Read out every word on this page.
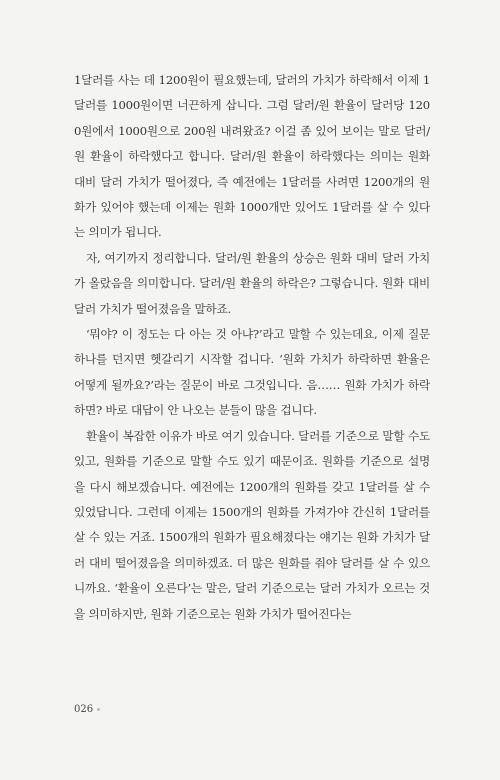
1달러를 사는 데 1200원이 필요했는데, 달러의 가치가 하락해서 이제 1달러를 1000원이면 너끈하게 삽니다. 그럼 달러/원 환율이 달러당 1200원에서 1000원으로 200원 내려왔죠? 이걸 좀 있어 보이는 말로 달러/원 환율이 하락했다고 합니다. 달러/원 환율이 하락했다는 의미는 원화 대비 달러 가치가 떨어졌다, 즉 예전에는 1달러를 사려면 1200개의 원화가 있어야 했는데 이제는 원화 1000개만 있어도 1달러를 살 수 있다는 의미가 됩니다.

자, 여기까지 정리합니다. 달러/원 환율의 상승은 원화 대비 달러 가치가 올랐음을 의미합니다. 달러/원 환율의 하락은? 그렇습니다. 원화 대비 달러 가치가 떨어졌음을 말하죠.

‘뭐야? 이 정도는 다 아는 것 아냐?’라고 말할 수 있는데요, 이제 질문 하나를 던지면 헷갈리기 시작할 겁니다. ‘원화 가치가 하락하면 환율은 어떻게 될까요?’라는 질문이 바로 그것입니다. 음…… 원화 가치가 하락하면? 바로 대답이 안 나오는 분들이 많을 겁니다.

환율이 복잡한 이유가 바로 여기 있습니다. 달러를 기준으로 말할 수도 있고, 원화를 기준으로 말할 수도 있기 때문이죠. 원화를 기준으로 설명을 다시 해보겠습니다. 예전에는 1200개의 원화를 갖고 1달러를 살 수 있었답니다. 그런데 이제는 1500개의 원화를 가져가야 간신히 1달러를 살 수 있는 거죠. 1500개의 원화가 필요해졌다는 얘기는 원화 가치가 달러 대비 떨어졌음을 의미하겠죠. 더 많은 원화를 줘야 달러를 살 수 있으니까요. ‘환율이 오른다’는 말은, 달러 기준으로는 달러 가치가 오르는 것을 의미하지만, 원화 기준으로는 원화 가치가 떨어진다는

026
